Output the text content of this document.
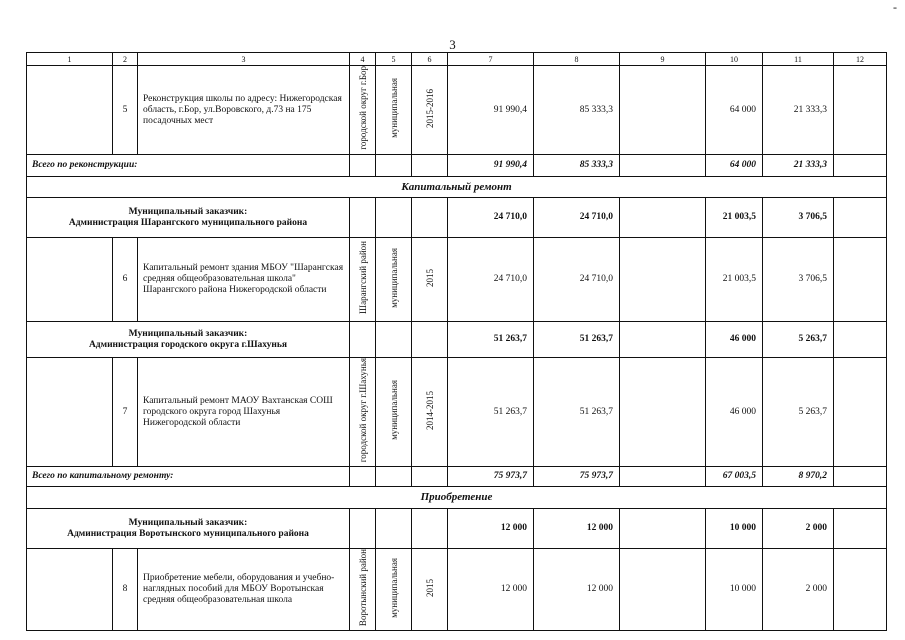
3
-
1	2	3	4	5	6	7	8	9	10	11	12
	5	Реконструкция школы по адресу: Нижегородская область, г.Бор, ул.Воровского, д.73 на 175 посадочных мест	городской округ г.Бор	муниципальная	2015-2016	91 990,4	85 333,3		64 000	21 333,3	
Всего по реконструкции:						91 990,4	85 333,3		64 000	21 333,3	
Капитальный ремонт											

Муниципальный заказчик:
Администрация Шарангского муниципального района						24 710,0	24 710,0		21 003,5	3 706,5	
	6	Капитальный ремонт здания МБОУ "Шарангская средняя общеобразовательная школа" Шарангского района Нижегородской области	Шарангский район	муниципальная	2015	24 710,0	24 710,0		21 003,5	3 706,5	

Муниципальный заказчик:
Администрация городского округа г.Шахунья						51 263,7	51 263,7		46 000	5 263,7	
	7	Капитальный ремонт МАОУ Вахтанская СОШ городского округа город Шахунья Нижегородской области	городской округ г.Шахунья	муниципальная	2014-2015	51 263,7	51 263,7		46 000	5 263,7	
Всего по капитальному ремонту:						75 973,7	75 973,7		67 003,5	8 970,2	
Приобретение											

Муниципальный заказчик:
Администрация Воротынского муниципального района						12 000	12 000		10 000	2 000	
	8	Приобретение мебели, оборудования и учебно-наглядных пособий для МБОУ Воротынская средняя общеобразовательная школа	Воротынский район	муниципальная	2015	12 000	12 000		10 000	2 000	
